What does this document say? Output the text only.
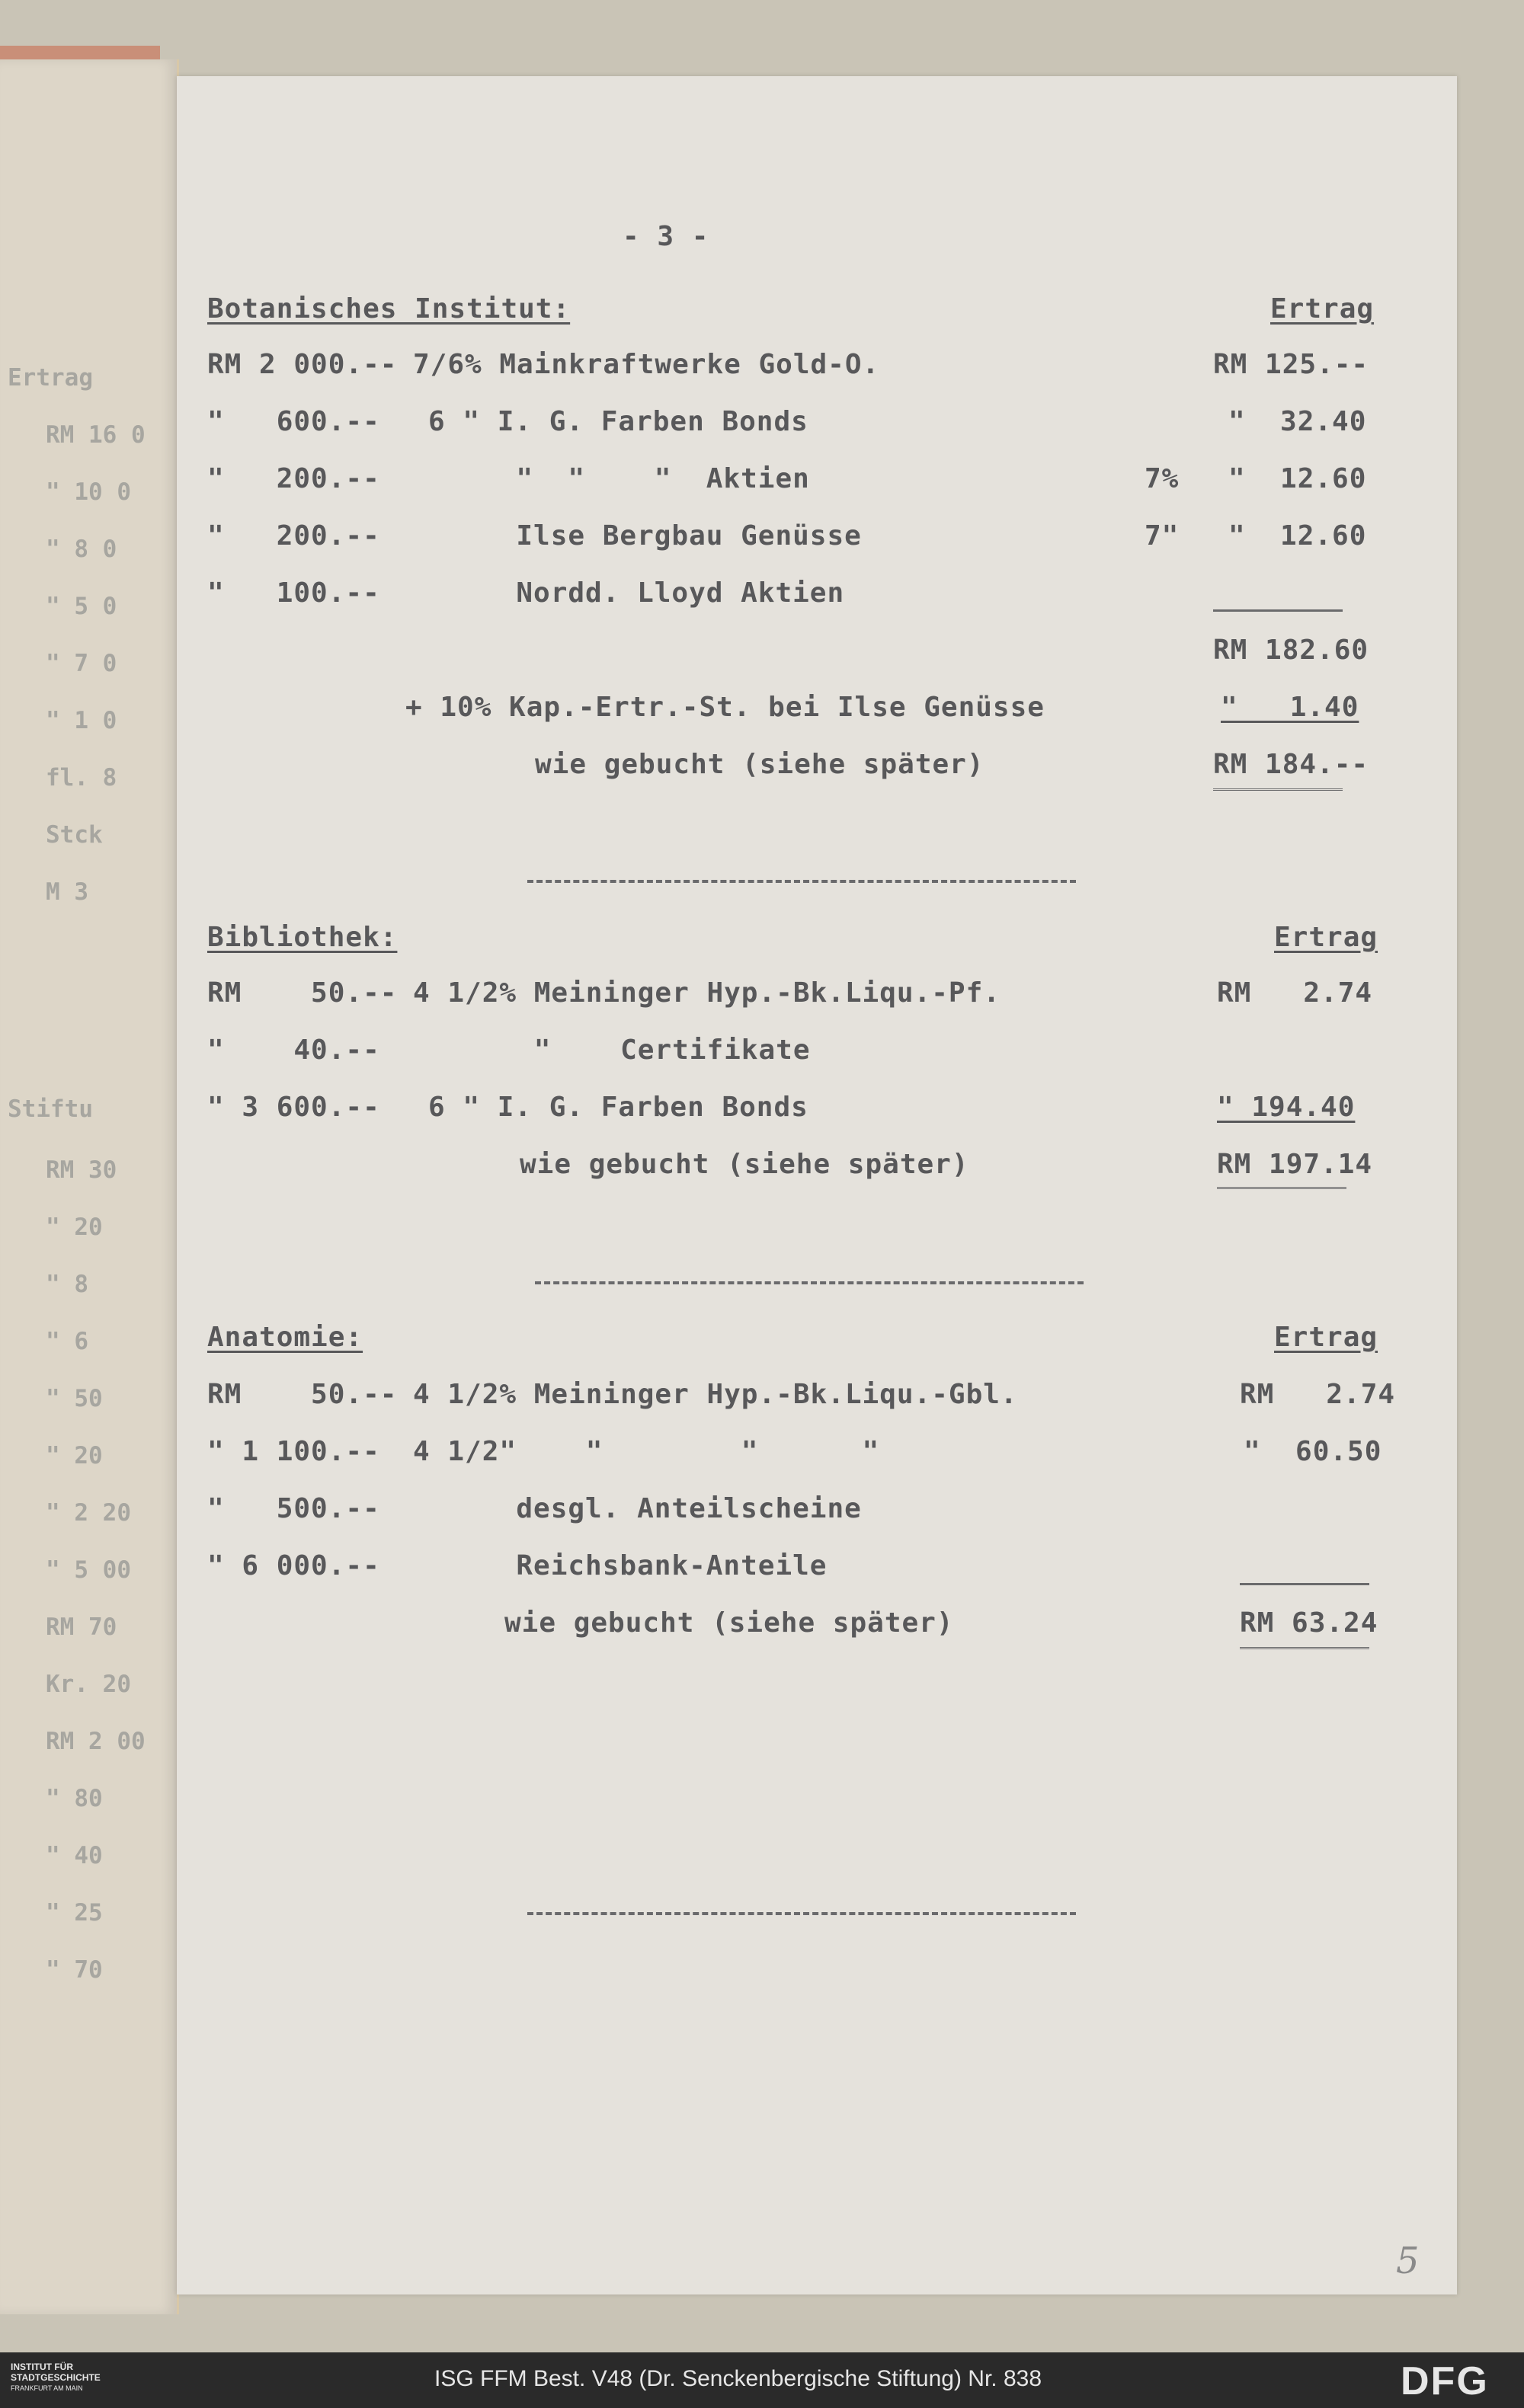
Ertrag
RM 16 0
" 10 0
" 8 0
" 5 0
" 7 0
" 1 0
fl. 8
Stck
M 3
Stiftu
RM 30
" 20
" 8
" 6
" 50
" 20
" 2 20
" 5 00
RM 70
Kr. 20
RM 2 00
" 80
" 40
" 25
" 70
- 3 -
Botanisches Institut:	Ertrag
RM 2 000.-- 7/6% Mainkraftwerke Gold-O.	RM 125.--
"   600.-- 6 " I. G. Farben Bonds	"  32.40
"   200.--	"  "    "  Aktien	7% "  12.60
"   200.--	Ilse Bergbau Genüsse	7" "  12.60
"   100.--	Nordd. Lloyd Aktien
RM 182.60
+ 10% Kap.-Ertr.-St. bei Ilse Genüsse	"   1.40
wie gebucht (siehe später)	RM 184.--
Bibliothek:	Ertrag
RM    50.-- 4 1/2% Meininger Hyp.-Bk.Liqu.-Pf.	RM   2.74
"    40.-- "    Certifikate
" 3 600.-- 6 " I. G. Farben Bonds	" 194.40
wie gebucht (siehe später)	RM 197.14
Anatomie:	Ertrag
RM    50.-- 4 1/2% Meininger Hyp.-Bk.Liqu.-Gbl.	RM   2.74
" 1 100.-- 4 1/2"    "        "      "	"  60.50
"   500.--	desgl. Anteilscheine
" 6 000.--	Reichsbank-Anteile
wie gebucht (siehe später)	RM 63.24
5
INSTITUT FÜR
STADTGESCHICHTE
FRANKFURT AM MAIN	ISG FFM Best. V48 (Dr. Senckenbergische Stiftung) Nr. 838	DFG
